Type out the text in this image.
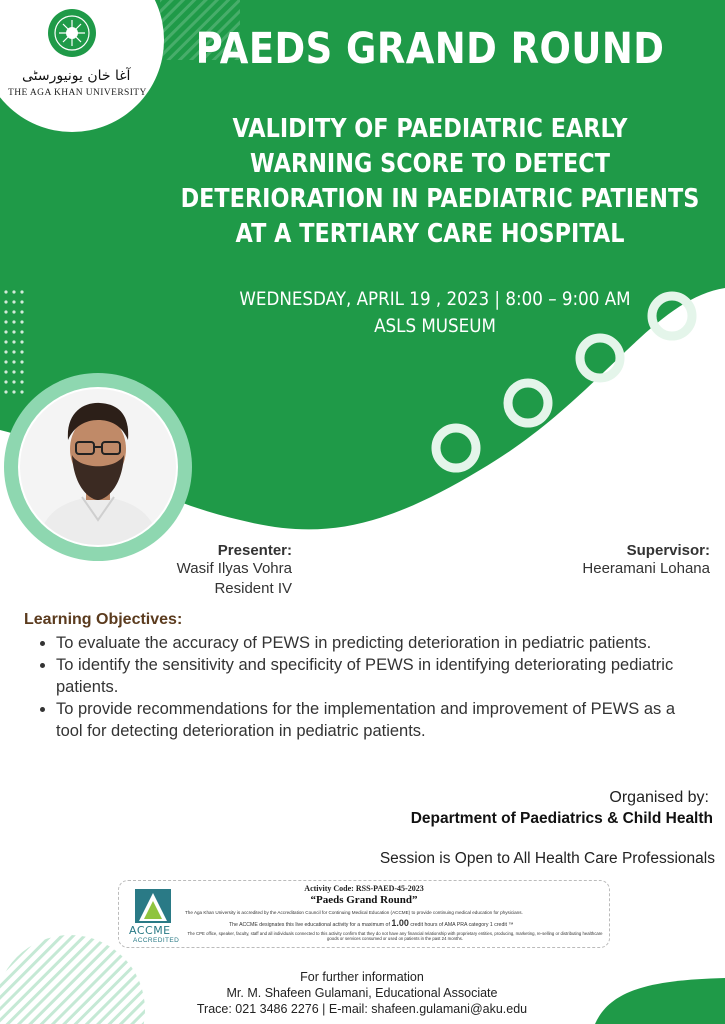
آغا خان یونیورسٹی
THE AGA KHAN UNIVERSITY
PAEDS GRAND ROUND
VALIDITY OF PAEDIATRIC EARLY
WARNING SCORE TO DETECT
DETERIORATION IN PAEDIATRIC PATIENTS
AT A TERTIARY CARE HOSPITAL
WEDNESDAY, APRIL 19 , 2023 | 8:00 – 9:00 AM
ASLS MUSEUM
Presenter:
Wasif Ilyas Vohra
Resident IV
Supervisor:
Heeramani Lohana
Learning Objectives:
• To evaluate the accuracy of PEWS in predicting deterioration in pediatric patients.
• To identify the sensitivity and specificity of PEWS in identifying deteriorating pediatric patients.
• To provide recommendations for the implementation and improvement of PEWS as a tool for detecting deterioration in pediatric patients.
Organised by:
Department of Paediatrics & Child Health
Session is Open to All Health Care Professionals
ACCME
ACCREDITED
Activity Code: RSS-PAED-45-2023
“Paeds Grand Round”
The Aga Khan University is accredited by the Accreditation Council for Continuing Medical Education (ACCME) to provide continuing medical education for physicians.
The ACCME designates this live educational activity for a maximum of 1.00 credit hours of AMA PRA category 1 credit ™
The CPE office, speaker, faculty, staff and all individuals connected to this activity confirm that they do not have any financial relationship with proprietary entities, producing, marketing, re-selling or distributing healthcare goods or services consumed or used on patients in the past 24 months.
For further information
Mr. M. Shafeen Gulamani, Educational Associate
Trace: 021 3486 2276 | E-mail: shafeen.gulamani@aku.edu
